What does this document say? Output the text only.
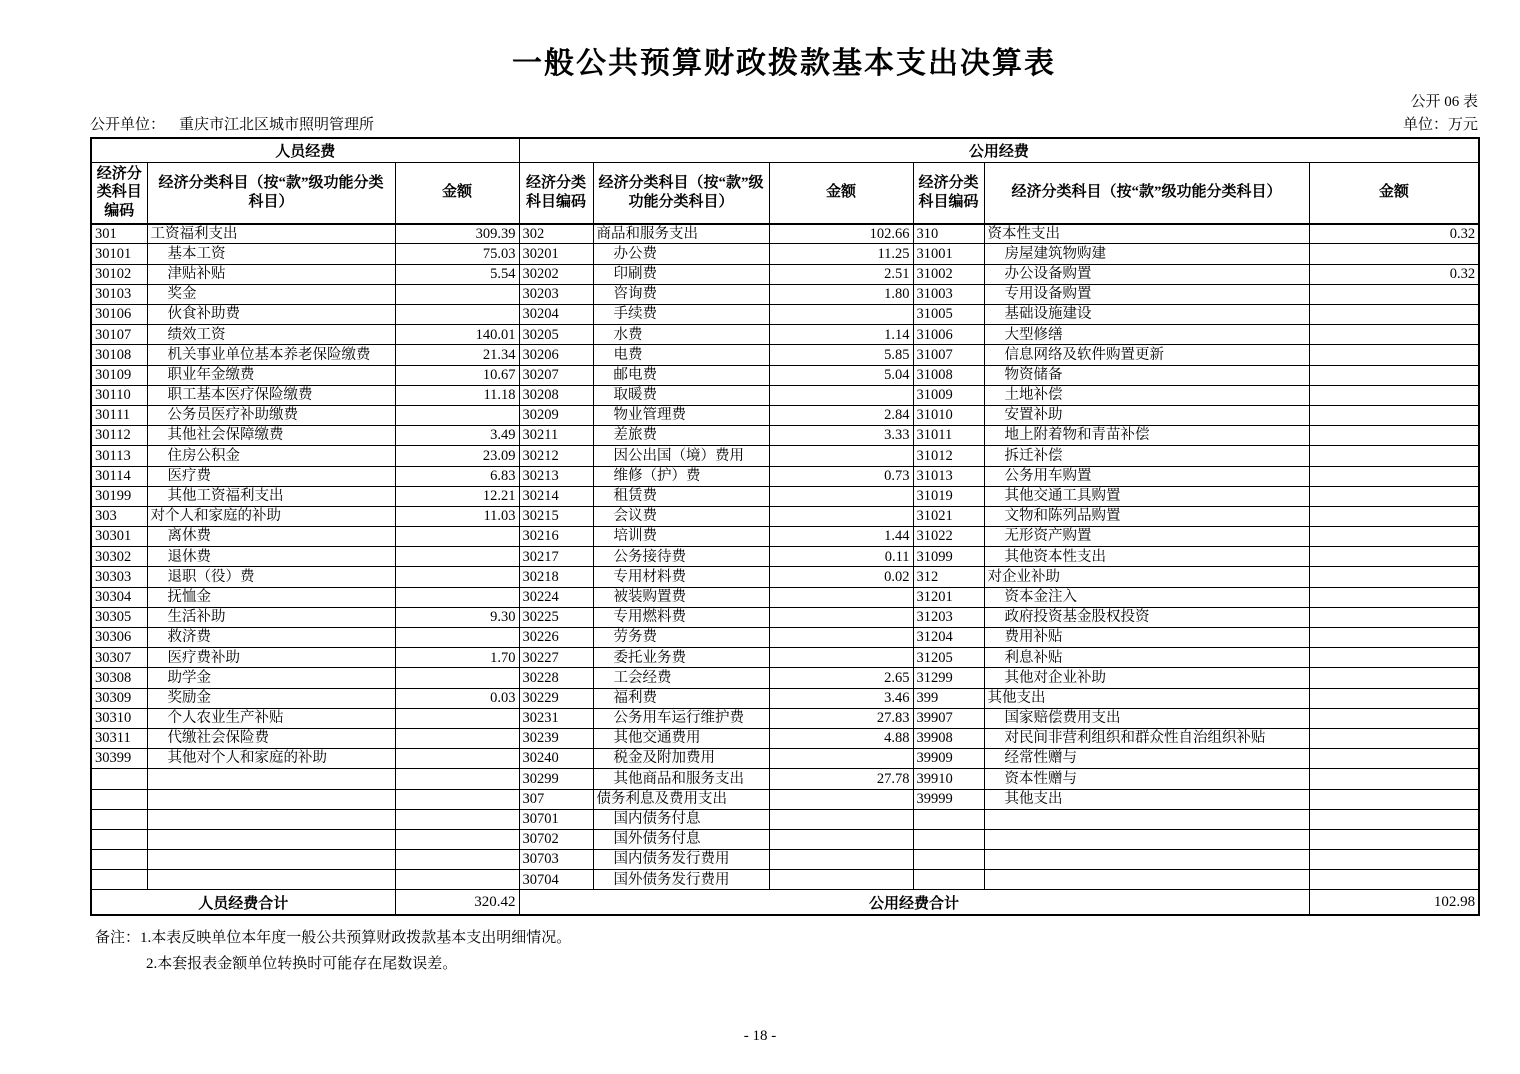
一般公共预算财政拨款基本支出决算表
公开 06 表
公开单位： 重庆市江北区城市照明管理所	单位：万元
人员经费			公用经费					
经济分类科目编码	经济分类科目（按“款”级功能分类科目）	金额	经济分类科目编码	经济分类科目（按“款”级功能分类科目）	金额	经济分类科目编码	经济分类科目（按“款”级功能分类科目）	金额
301	工资福利支出	309.39	302	商品和服务支出	102.66	310	资本性支出	0.32
30101	基本工资	75.03	30201	办公费	11.25	31001	房屋建筑物购建	
30102	津贴补贴	5.54	30202	印刷费	2.51	31002	办公设备购置	0.32
30103	奖金		30203	咨询费	1.80	31003	专用设备购置	
30106	伙食补助费		30204	手续费		31005	基础设施建设	
30107	绩效工资	140.01	30205	水费	1.14	31006	大型修缮	
30108	机关事业单位基本养老保险缴费	21.34	30206	电费	5.85	31007	信息网络及软件购置更新	
30109	职业年金缴费	10.67	30207	邮电费	5.04	31008	物资储备	
30110	职工基本医疗保险缴费	11.18	30208	取暖费		31009	土地补偿	
30111	公务员医疗补助缴费		30209	物业管理费	2.84	31010	安置补助	
30112	其他社会保障缴费	3.49	30211	差旅费	3.33	31011	地上附着物和青苗补偿	
30113	住房公积金	23.09	30212	因公出国（境）费用		31012	拆迁补偿	
30114	医疗费	6.83	30213	维修（护）费	0.73	31013	公务用车购置	
30199	其他工资福利支出	12.21	30214	租赁费		31019	其他交通工具购置	
303	对个人和家庭的补助	11.03	30215	会议费		31021	文物和陈列品购置	
30301	离休费		30216	培训费	1.44	31022	无形资产购置	
30302	退休费		30217	公务接待费	0.11	31099	其他资本性支出	
30303	退职（役）费		30218	专用材料费	0.02	312	对企业补助	
30304	抚恤金		30224	被装购置费		31201	资本金注入	
30305	生活补助	9.30	30225	专用燃料费		31203	政府投资基金股权投资	
30306	救济费		30226	劳务费		31204	费用补贴	
30307	医疗费补助	1.70	30227	委托业务费		31205	利息补贴	
30308	助学金		30228	工会经费	2.65	31299	其他对企业补助	
30309	奖励金	0.03	30229	福利费	3.46	399	其他支出	
30310	个人农业生产补贴		30231	公务用车运行维护费	27.83	39907	国家赔偿费用支出	
30311	代缴社会保险费		30239	其他交通费用	4.88	39908	对民间非营利组织和群众性自治组织补贴	
30399	其他对个人和家庭的补助		30240	税金及附加费用		39909	经常性赠与	
			30299	其他商品和服务支出	27.78	39910	资本性赠与	
			307	债务利息及费用支出		39999	其他支出	
			30701	国内债务付息				
			30702	国外债务付息				
			30703	国内债务发行费用				
			30704	国外债务发行费用				
人员经费合计		320.42	公用经费合计					102.98
备注：1.本表反映单位本年度一般公共预算财政拨款基本支出明细情况。
2.本套报表金额单位转换时可能存在尾数误差。
- 18 -
